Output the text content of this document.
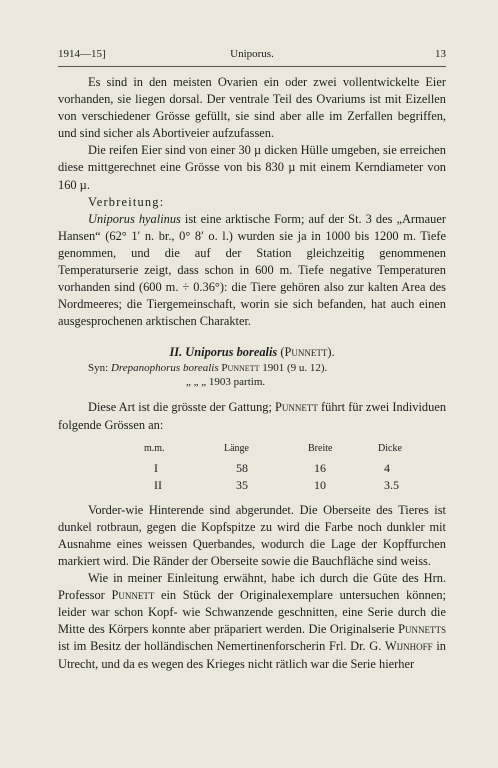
1914—15]	Uniporus.	13

Es sind in den meisten Ovarien ein oder zwei vollentwickelte Eier vorhanden, sie liegen dorsal. Der ventrale Teil des Ovariums ist mit Eizellen von verschiedener Grösse gefüllt, sie sind aber alle im Zerfallen begriffen, und sind sicher als Abortiveier aufzufassen.

Die reifen Eier sind von einer 30 µ dicken Hülle umgeben, sie erreichen diese mittgerechnet eine Grösse von bis 830 µ mit einem Kerndiameter von 160 µ.

Verbreitung:

Uniporus hyalinus ist eine arktische Form; auf der St. 3 des „Armauer Hansen“ (62° 1′ n. br., 0° 8′ o. l.) wurden sie ja in 1000 bis 1200 m. Tiefe genommen, und die auf der Station gleichzeitig genommenen Temperaturserie zeigt, dass schon in 600 m. Tiefe negative Temperaturen vorhanden sind (600 m. ÷ 0.36°): die Tiere gehören also zur kalten Area des Nordmeeres; die Tiergemeinschaft, worin sie sich befanden, hat auch einen ausgesprochenen arktischen Charakter.

II. Uniporus borealis (Punnett).

Syn: Drepanophorus borealis Punnett 1901 (9 u. 12).

„ „ „ 1903 partim.

Diese Art ist die grösste der Gattung; Punnett führt für zwei Individuen folgende Grössen an:

m.m.	Länge	Breite	Dicke
I	58	16	4
II	35	10	3.5

Vorder-wie Hinterende sind abgerundet. Die Oberseite des Tieres ist dunkel rotbraun, gegen die Kopfspitze zu wird die Farbe noch dunkler mit Ausnahme eines weissen Querbandes, wodurch die Lage der Kopffurchen markiert wird. Die Ränder der Oberseite sowie die Bauchfläche sind weiss.

Wie in meiner Einleitung erwähnt, habe ich durch die Güte des Hrn. Professor Punnett ein Stück der Originalexemplare untersuchen können; leider war schon Kopf- wie Schwanzende geschnitten, eine Serie durch die Mitte des Körpers konnte aber präpariert werden. Die Originalserie Punnetts ist im Besitz der holländischen Nemertinenforscherin Frl. Dr. G. Wijnhoff in Utrecht, und da es wegen des Krieges nicht rätlich war die Serie hierher
